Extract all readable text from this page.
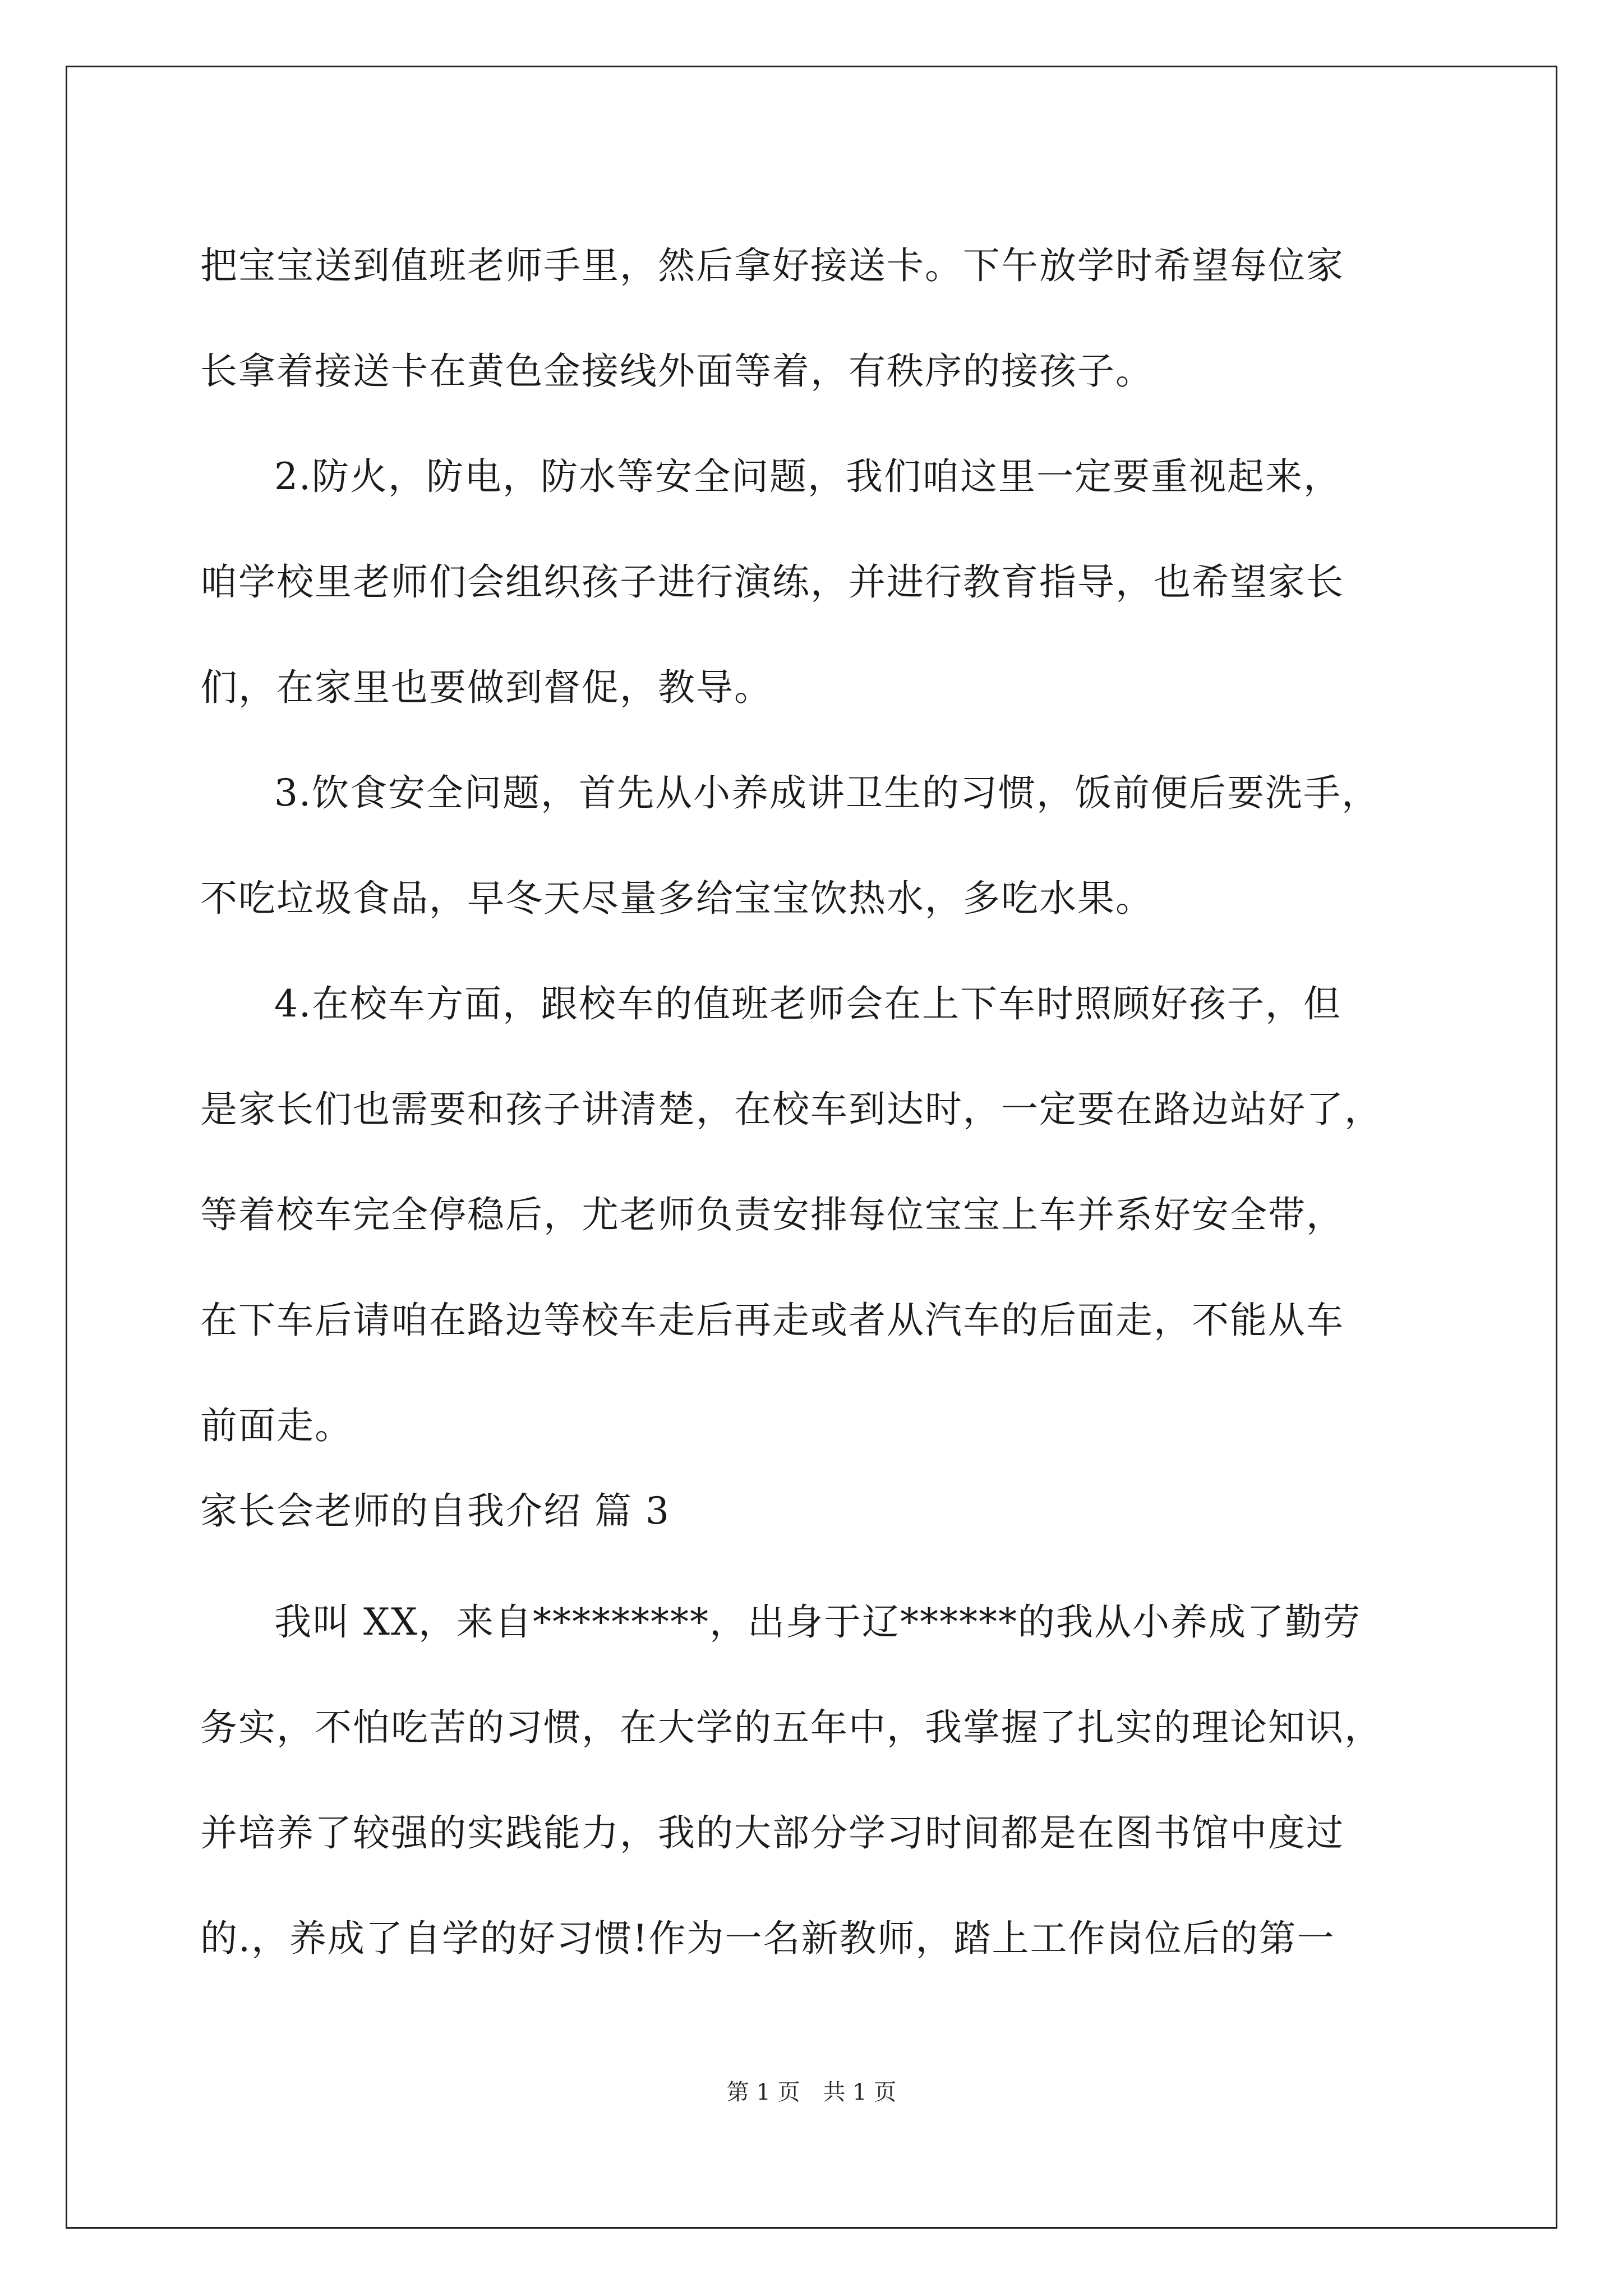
把宝宝送到值班老师手里，然后拿好接送卡。下午放学时希望每位家
长拿着接送卡在黄色金接线外面等着，有秩序的接孩子。
2.防火，防电，防水等安全问题，我们咱这里一定要重视起来，
咱学校里老师们会组织孩子进行演练，并进行教育指导，也希望家长
们，在家里也要做到督促，教导。
3.饮食安全问题，首先从小养成讲卫生的习惯，饭前便后要洗手，
不吃垃圾食品，早冬天尽量多给宝宝饮热水，多吃水果。
4.在校车方面，跟校车的值班老师会在上下车时照顾好孩子，但
是家长们也需要和孩子讲清楚，在校车到达时，一定要在路边站好了，
等着校车完全停稳后，尤老师负责安排每位宝宝上车并系好安全带，
在下车后请咱在路边等校车走后再走或者从汽车的后面走，不能从车
前面走。
家长会老师的自我介绍 篇 3
我叫 XX，来自*********，出身于辽******的我从小养成了勤劳
务实，不怕吃苦的习惯，在大学的五年中，我掌握了扎实的理论知识，
并培养了较强的实践能力，我的大部分学习时间都是在图书馆中度过
的.，养成了自学的好习惯!作为一名新教师，踏上工作岗位后的第一
第 1 页 共 1 页
